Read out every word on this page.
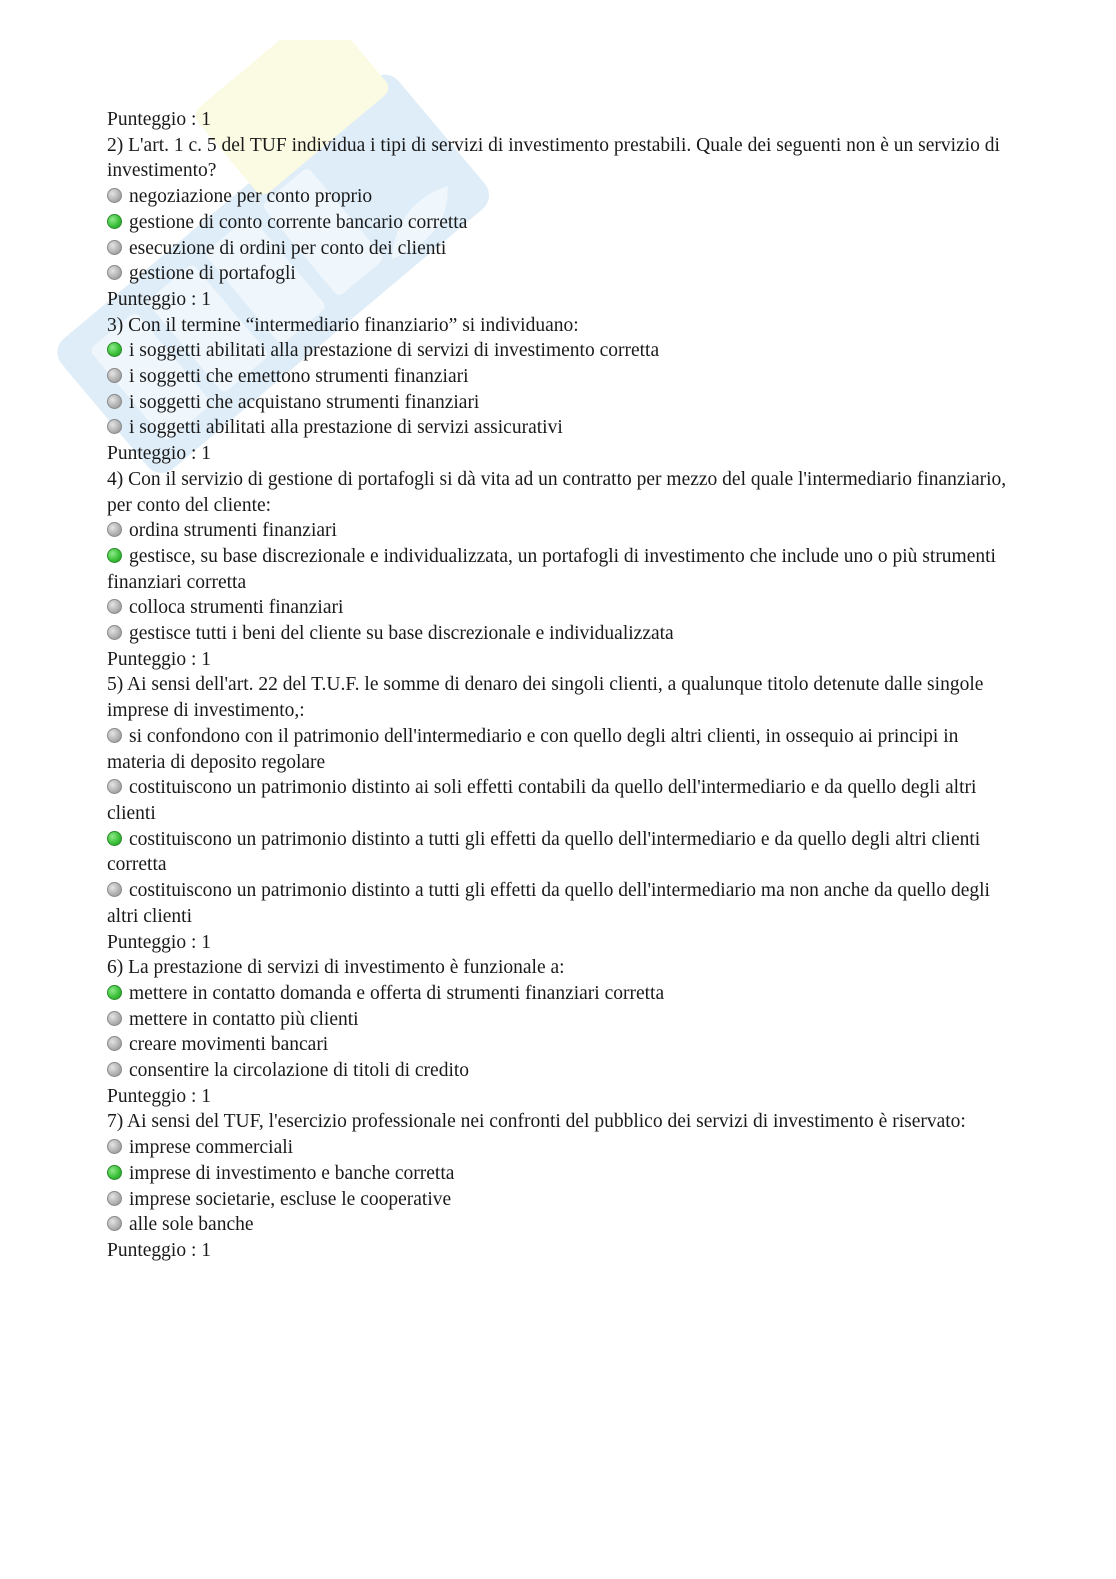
Punteggio : 1
2) L'art. 1 c. 5 del TUF individua i tipi di servizi di investimento prestabili. Quale dei seguenti non è un servizio di investimento?
negoziazione per conto proprio
gestione di conto corrente bancario corretta
esecuzione di ordini per conto dei clienti
gestione di portafogli
Punteggio : 1
3) Con il termine “intermediario finanziario” si individuano:
i soggetti abilitati alla prestazione di servizi di investimento corretta
i soggetti che emettono strumenti finanziari
i soggetti che acquistano strumenti finanziari
i soggetti abilitati alla prestazione di servizi assicurativi
Punteggio : 1
4) Con il servizio di gestione di portafogli si dà vita ad un contratto per mezzo del quale l'intermediario finanziario, per conto del cliente:
ordina strumenti finanziari
gestisce, su base discrezionale e individualizzata, un portafogli di investimento che include uno o più strumenti finanziari corretta
colloca strumenti finanziari
gestisce tutti i beni del cliente su base discrezionale e individualizzata
Punteggio : 1
5) Ai sensi dell'art. 22 del T.U.F. le somme di denaro dei singoli clienti, a qualunque titolo detenute dalle singole imprese di investimento,:
si confondono con il patrimonio dell'intermediario e con quello degli altri clienti, in ossequio ai principi in materia di deposito regolare
costituiscono un patrimonio distinto ai soli effetti contabili da quello dell'intermediario e da quello degli altri clienti
costituiscono un patrimonio distinto a tutti gli effetti da quello dell'intermediario e da quello degli altri clienti corretta
costituiscono un patrimonio distinto a tutti gli effetti da quello dell'intermediario ma non anche da quello degli altri clienti
Punteggio : 1
6) La prestazione di servizi di investimento è funzionale a:
mettere in contatto domanda e offerta di strumenti finanziari corretta
mettere in contatto più clienti
creare movimenti bancari
consentire la circolazione di titoli di credito
Punteggio : 1
7) Ai sensi del TUF, l'esercizio professionale nei confronti del pubblico dei servizi di investimento è riservato:
imprese commerciali
imprese di investimento e banche corretta
imprese societarie, escluse le cooperative
alle sole banche
Punteggio : 1
